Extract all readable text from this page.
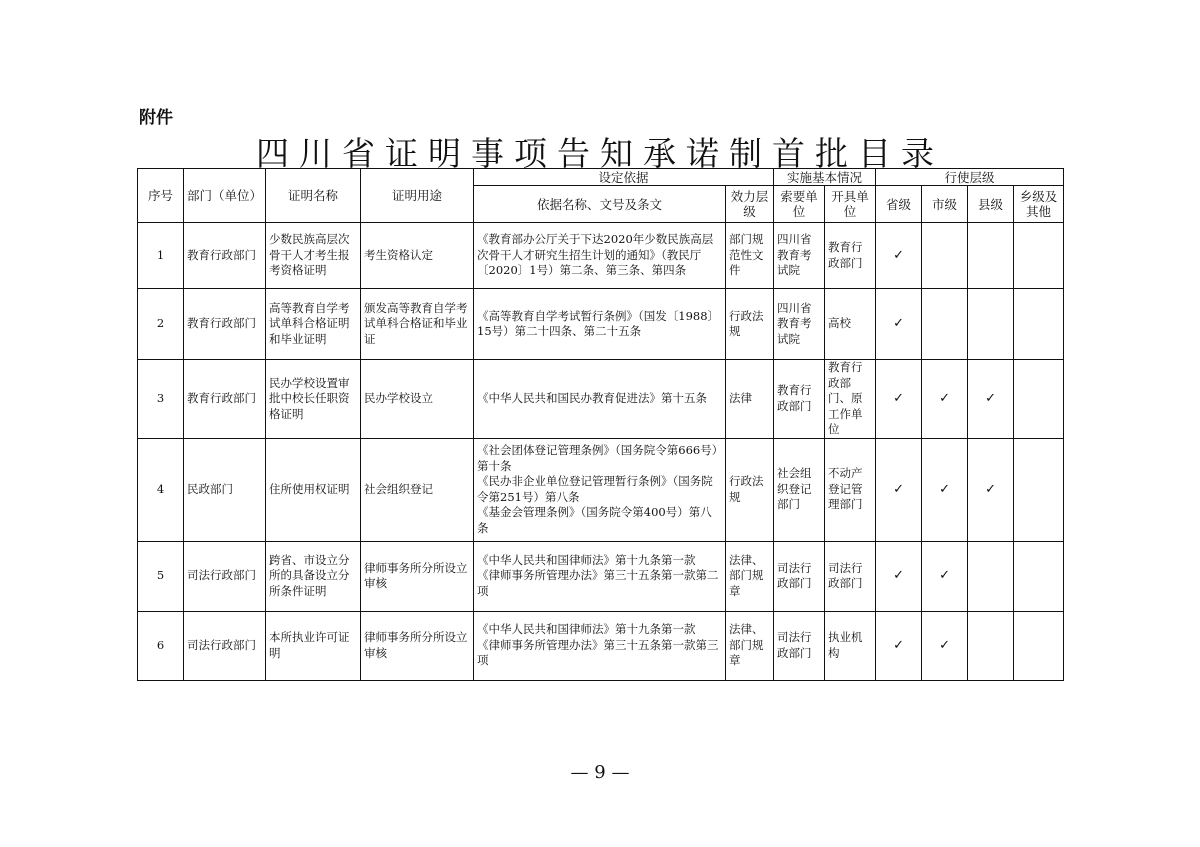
附件
四川省证明事项告知承诺制首批目录
序号	部门（单位）	证明名称	证明用途	设定依据		实施基本情况		行使层级			
				依据名称、文号及条文	效力层级	索要单位	开具单位	省级	市级	县级	乡级及其他
1	教育行政部门	少数民族高层次骨干人才考生报考资格证明	考生资格认定	《教育部办公厅关于下达2020年少数民族高层次骨干人才研究生招生计划的通知》（教民厅〔2020〕1号）第二条、第三条、第四条	部门规范性文件	四川省教育考试院	教育行政部门	✓			
2	教育行政部门	高等教育自学考试单科合格证明和毕业证明	颁发高等教育自学考试单科合格证和毕业证	《高等教育自学考试暂行条例》（国发〔1988〕15号）第二十四条、第二十五条	行政法规	四川省教育考试院	高校	✓			
3	教育行政部门	民办学校设置审批中校长任职资格证明	民办学校设立	《中华人民共和国民办教育促进法》第十五条	法律	教育行政部门	教育行政部门、原工作单位	✓	✓	✓	
4	民政部门	住所使用权证明	社会组织登记	《社会团体登记管理条例》（国务院令第666号）第十条
《民办非企业单位登记管理暂行条例》（国务院令第251号）第八条
《基金会管理条例》（国务院令第400号）第八条	行政法规	社会组织登记部门	不动产登记管理部门	✓	✓	✓	
5	司法行政部门	跨省、市设立分所的具备设立分所条件证明	律师事务所分所设立审核	《中华人民共和国律师法》第十九条第一款
《律师事务所管理办法》第三十五条第一款第二项	法律、部门规章	司法行政部门	司法行政部门	✓	✓		
6	司法行政部门	本所执业许可证明	律师事务所分所设立审核	《中华人民共和国律师法》第十九条第一款
《律师事务所管理办法》第三十五条第一款第三项	法律、部门规章	司法行政部门	执业机构	✓	✓		
— 9 —
